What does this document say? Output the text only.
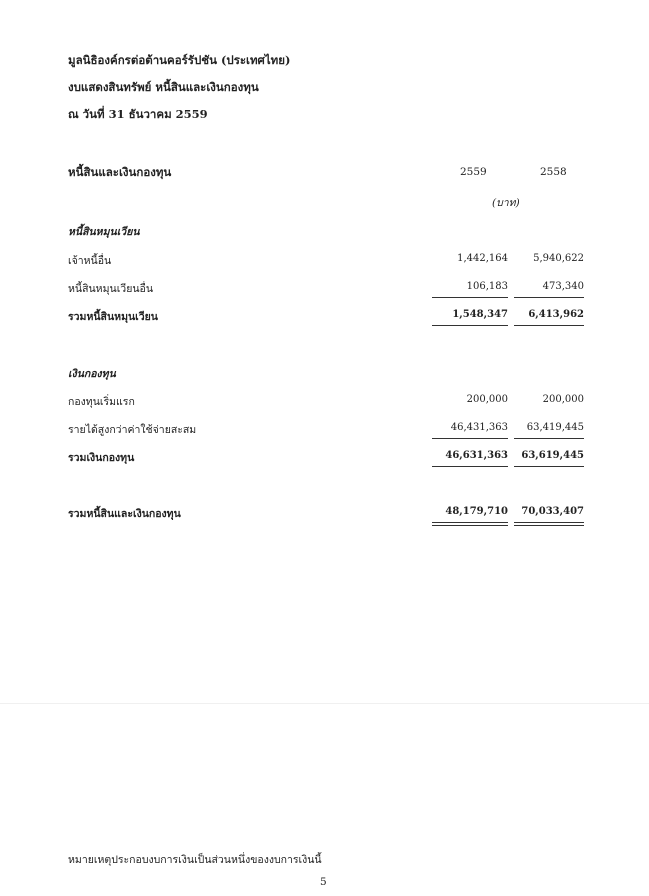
มูลนิธิองค์กรต่อต้านคอร์รัปชัน (ประเทศไทย)
งบแสดงสินทรัพย์ หนี้สินและเงินกองทุน
ณ วันที่ 31 ธันวาคม 2559
หนี้สินและเงินกองทุน	2559	2558
(บาท)
หนี้สินหมุนเวียน
เจ้าหนี้อื่น	1,442,164	5,940,622
หนี้สินหมุนเวียนอื่น	106,183	473,340
รวมหนี้สินหมุนเวียน	1,548,347	6,413,962
เงินกองทุน
กองทุนเริ่มแรก	200,000	200,000
รายได้สูงกว่าค่าใช้จ่ายสะสม	46,431,363	63,419,445
รวมเงินกองทุน	46,631,363	63,619,445
รวมหนี้สินและเงินกองทุน	48,179,710	70,033,407
หมายเหตุประกอบงบการเงินเป็นส่วนหนึ่งของงบการเงินนี้
5
